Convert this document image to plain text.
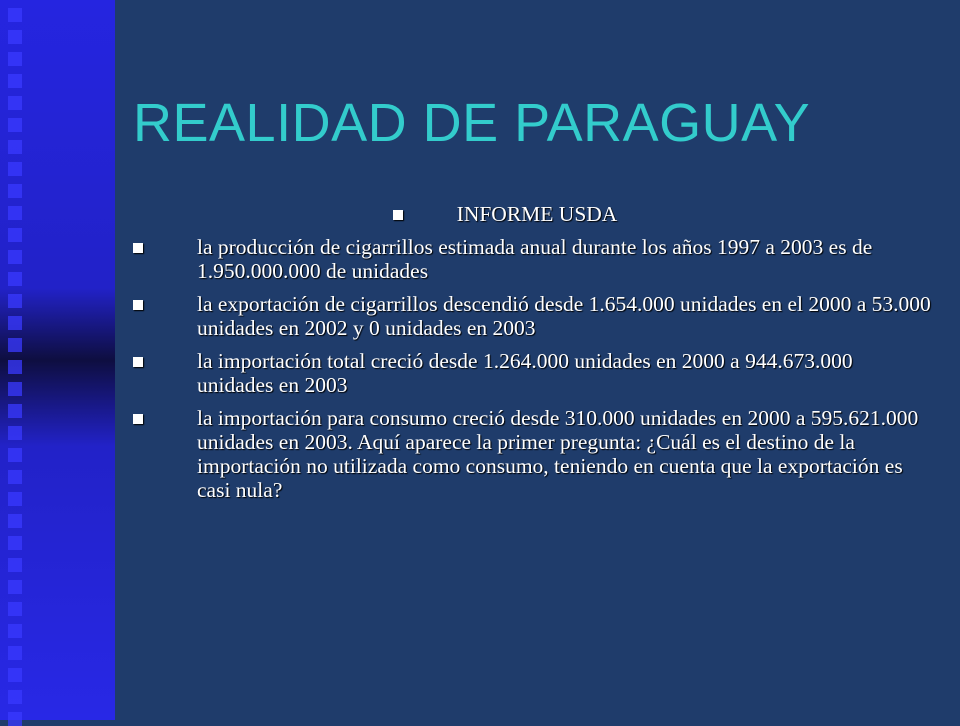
REALIDAD DE PARAGUAY
INFORME USDA
la producción de cigarrillos estimada anual durante los años 1997 a 2003 es de 1.950.000.000 de unidades
la exportación de cigarrillos descendió desde 1.654.000 unidades en el 2000 a 53.000 unidades en 2002 y 0 unidades en 2003
la importación total creció desde 1.264.000 unidades en 2000 a 944.673.000 unidades en 2003
la importación para consumo creció desde 310.000 unidades en 2000 a 595.621.000 unidades en 2003. Aquí aparece la primer pregunta: ¿Cuál es el destino de la importación no utilizada como consumo, teniendo en cuenta que la exportación es casi nula?
